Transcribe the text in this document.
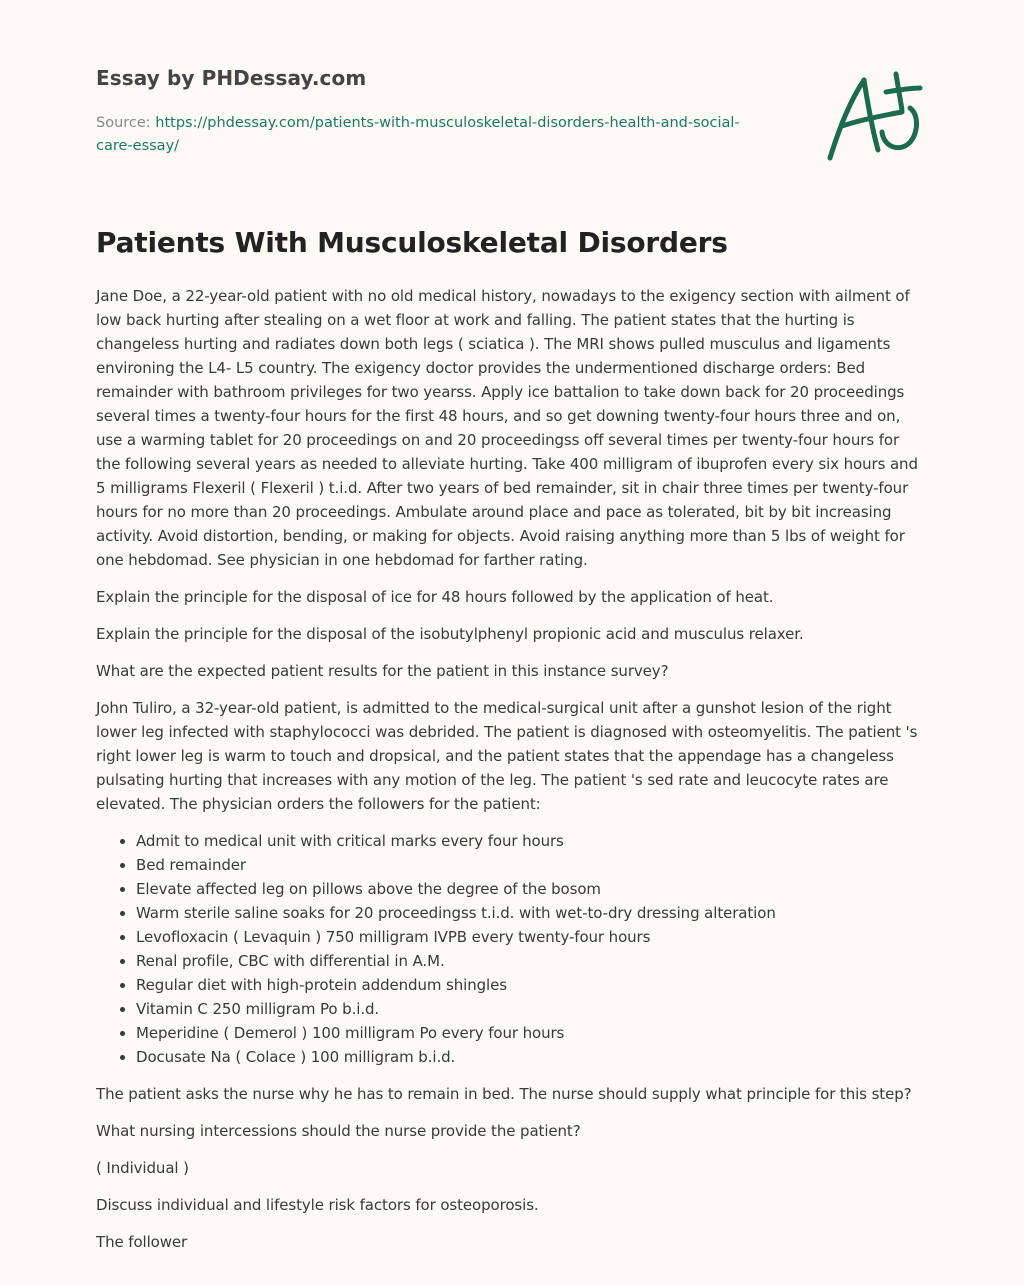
Essay by PHDessay.com
Source: https://phdessay.com/patients-with-musculoskeletal-disorders-health-and-social-care-essay/
Patients With Musculoskeletal Disorders

Jane Doe, a 22-year-old patient with no old medical history, nowadays to the exigency section with ailment of low back hurting after stealing on a wet floor at work and falling. The patient states that the hurting is changeless hurting and radiates down both legs ( sciatica ). The MRI shows pulled musculus and ligaments environing the L4- L5 country. The exigency doctor provides the undermentioned discharge orders: Bed remainder with bathroom privileges for two yearss. Apply ice battalion to take down back for 20 proceedings several times a twenty-four hours for the first 48 hours, and so get downing twenty-four hours three and on, use a warming tablet for 20 proceedings on and 20 proceedingss off several times per twenty-four hours for the following several years as needed to alleviate hurting. Take 400 milligram of ibuprofen every six hours and 5 milligrams Flexeril ( Flexeril ) t.i.d. After two years of bed remainder, sit in chair three times per twenty-four hours for no more than 20 proceedings. Ambulate around place and pace as tolerated, bit by bit increasing activity. Avoid distortion, bending, or making for objects. Avoid raising anything more than 5 lbs of weight for one hebdomad. See physician in one hebdomad for farther rating.

Explain the principle for the disposal of ice for 48 hours followed by the application of heat.

Explain the principle for the disposal of the isobutylphenyl propionic acid and musculus relaxer.

What are the expected patient results for the patient in this instance survey?

John Tuliro, a 32-year-old patient, is admitted to the medical-surgical unit after a gunshot lesion of the right lower leg infected with staphylococci was debrided. The patient is diagnosed with osteomyelitis. The patient 's right lower leg is warm to touch and dropsical, and the patient states that the appendage has a changeless pulsating hurting that increases with any motion of the leg. The patient 's sed rate and leucocyte rates are elevated. The physician orders the followers for the patient:

• Admit to medical unit with critical marks every four hours
• Bed remainder
• Elevate affected leg on pillows above the degree of the bosom
• Warm sterile saline soaks for 20 proceedingss t.i.d. with wet-to-dry dressing alteration
• Levofloxacin ( Levaquin ) 750 milligram IVPB every twenty-four hours
• Renal profile, CBC with differential in A.M.
• Regular diet with high-protein addendum shingles
• Vitamin C 250 milligram Po b.i.d.
• Meperidine ( Demerol ) 100 milligram Po every four hours
• Docusate Na ( Colace ) 100 milligram b.i.d.

The patient asks the nurse why he has to remain in bed. The nurse should supply what principle for this step?

What nursing intercessions should the nurse provide the patient?

( Individual )

Discuss individual and lifestyle risk factors for osteoporosis.

The follower
